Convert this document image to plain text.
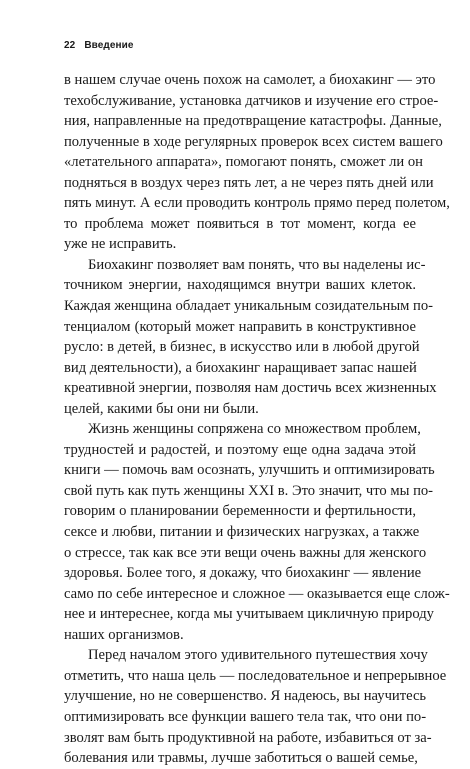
22 Введение
в нашем случае очень похож на самолет, а биохакинг — это
техобслуживание, установка датчиков и изучение его строе-
ния, направленные на предотвращение катастрофы. Данные,
полученные в ходе регулярных проверок всех систем вашего
«летательного аппарата», помогают понять, сможет ли он
подняться в воздух через пять лет, а не через пять дней или
пять минут. А если проводить контроль прямо перед полетом,
то проблема может появиться в тот момент, когда ее
уже не исправить.
Биохакинг позволяет вам понять, что вы наделены ис-
точником энергии, находящимся внутри ваших клеток.
Каждая женщина обладает уникальным созидательным по-
тенциалом (который может направить в конструктивное
русло: в детей, в бизнес, в искусство или в любой другой
вид деятельности), а биохакинг наращивает запас нашей
креативной энергии, позволяя нам достичь всех жизненных
целей, какими бы они ни были.
Жизнь женщины сопряжена со множеством проблем,
трудностей и радостей, и поэтому еще одна задача этой
книги — помочь вам осознать, улучшить и оптимизировать
свой путь как путь женщины XXI в. Это значит, что мы по-
говорим о планировании беременности и фертильности,
сексе и любви, питании и физических нагрузках, а также
о стрессе, так как все эти вещи очень важны для женского
здоровья. Более того, я докажу, что биохакинг — явление
само по себе интересное и сложное — оказывается еще слож-
нее и интереснее, когда мы учитываем цикличную природу
наших организмов.
Перед началом этого удивительного путешествия хочу
отметить, что наша цель — последовательное и непрерывное
улучшение, но не совершенство. Я надеюсь, вы научитесь
оптимизировать все функции вашего тела так, что они по-
зволят вам быть продуктивной на работе, избавиться от за-
болевания или травмы, лучше заботиться о вашей семье,
